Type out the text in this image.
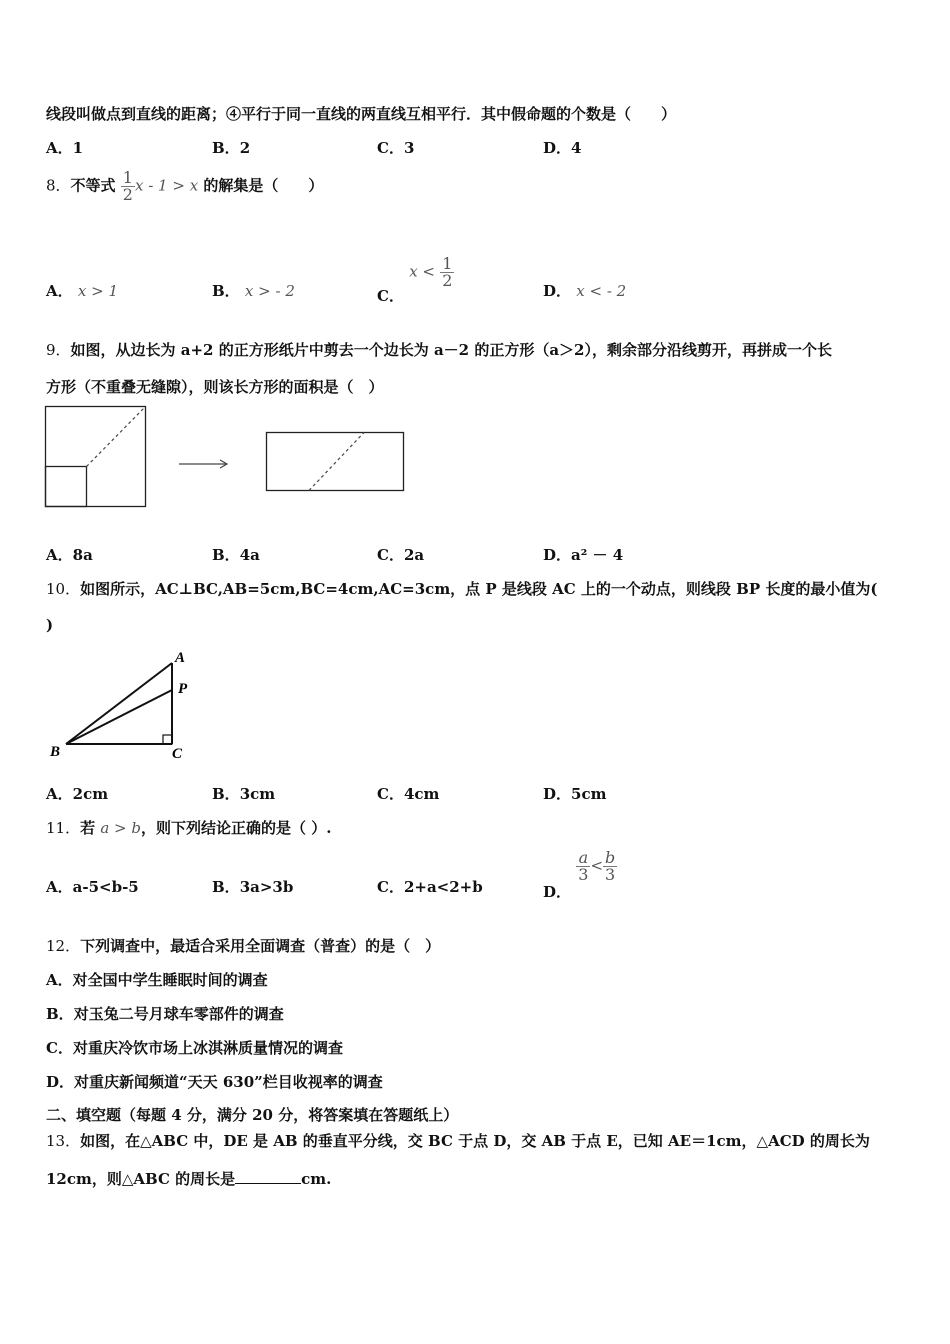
线段叫做点到直线的距离；④平行于同一直线的两直线互相平行．其中假命题的个数是（　　）
A．1	B．2	C．3	D．4
8．不等式 $\frac{1}{2}$ x - 1 > x 的解集是（　　）
A． x > 1	B． x > - 2	C． $x < \frac{1}{2}$
D． x < - 2
9．如图，从边长为 a+2 的正方形纸片中剪去一个边长为 a－2 的正方形（a＞2），剩余部分沿线剪开，再拼成一个长
方形（不重叠无缝隙），则该长方形的面积是（　）
A．8a	B．4a	C．2a	D．a² － 4
10．如图所示，AC⊥BC,AB=5cm,BC=4cm,AC=3cm，点 P 是线段 AC 上的一个动点，则线段 BP 长度的最小值为(
)
A
P
B	C
A．2cm	B．3cm	C．4cm	D．5cm
11．若 a > b，则下列结论正确的是（ ）.
A．a-5<b-5	B．3a>3b	C．2+a<2+b	D．
$\frac{a}{3} < \frac{b}{3}$
12．下列调查中，最适合采用全面调查（普查）的是（　）
A．对全国中学生睡眠时间的调查
B．对玉兔二号月球车零部件的调查
C．对重庆冷饮市场上冰淇淋质量情况的调查
D．对重庆新闻频道“天天 630”栏目收视率的调查
二、填空题（每题 4 分，满分 20 分，将答案填在答题纸上）
13．如图，在△ABC 中，DE 是 AB 的垂直平分线，交 BC 于点 D，交 AB 于点 E，已知 AE＝1cm，△ACD 的周长为
12cm，则△ABC 的周长是	cm.
